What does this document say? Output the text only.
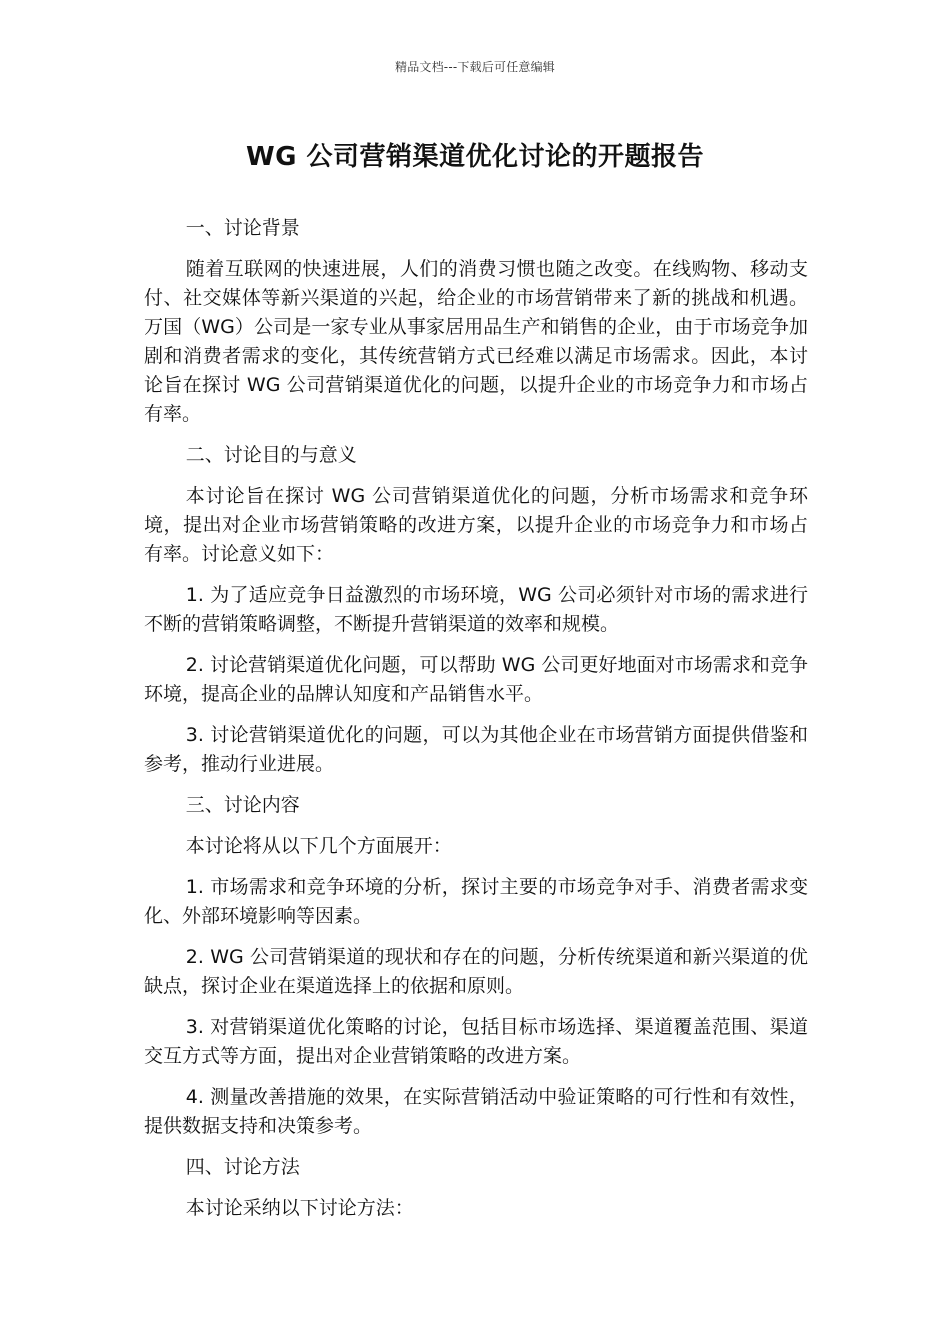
精品文档---下载后可任意编辑
WG 公司营销渠道优化讨论的开题报告

一、讨论背景

随着互联网的快速进展，人们的消费习惯也随之改变。在线购物、移动支付、社交媒体等新兴渠道的兴起，给企业的市场营销带来了新的挑战和机遇。万国（WG）公司是一家专业从事家居用品生产和销售的企业，由于市场竞争加剧和消费者需求的变化，其传统营销方式已经难以满足市场需求。因此，本讨论旨在探讨 WG 公司营销渠道优化的问题，以提升企业的市场竞争力和市场占有率。

二、讨论目的与意义

本讨论旨在探讨 WG 公司营销渠道优化的问题，分析市场需求和竞争环境，提出对企业市场营销策略的改进方案，以提升企业的市场竞争力和市场占有率。讨论意义如下：

1. 为了适应竞争日益激烈的市场环境，WG 公司必须针对市场的需求进行不断的营销策略调整，不断提升营销渠道的效率和规模。

2. 讨论营销渠道优化问题，可以帮助 WG 公司更好地面对市场需求和竞争环境，提高企业的品牌认知度和产品销售水平。

3. 讨论营销渠道优化的问题，可以为其他企业在市场营销方面提供借鉴和参考，推动行业进展。

三、讨论内容

本讨论将从以下几个方面展开：

1. 市场需求和竞争环境的分析，探讨主要的市场竞争对手、消费者需求变化、外部环境影响等因素。

2. WG 公司营销渠道的现状和存在的问题，分析传统渠道和新兴渠道的优缺点，探讨企业在渠道选择上的依据和原则。

3. 对营销渠道优化策略的讨论，包括目标市场选择、渠道覆盖范围、渠道交互方式等方面，提出对企业营销策略的改进方案。

4. 测量改善措施的效果，在实际营销活动中验证策略的可行性和有效性，提供数据支持和决策参考。

四、讨论方法

本讨论采纳以下讨论方法：
